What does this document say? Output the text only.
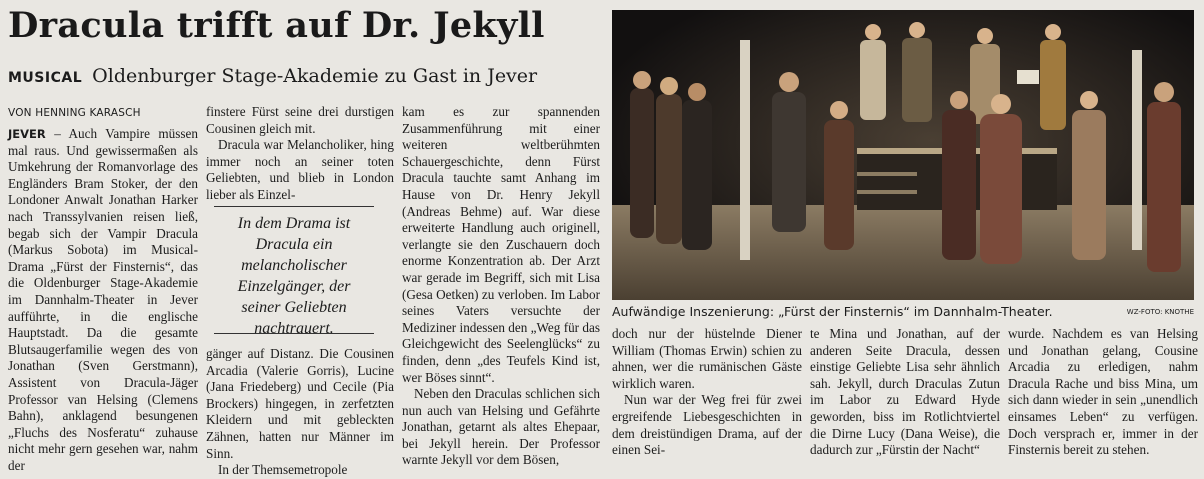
Dracula trifft auf Dr. Jekyll
MUSICAL Oldenburger Stage-Akademie zu Gast in Jever
VON HENNING KARASCH

JEVER – Auch Vampire müssen mal raus. Und gewissermaßen als Umkehrung der Romanvorlage des Engländers Bram Stoker, der den Londoner Anwalt Jonathan Harker nach Transsylvanien reisen ließ, begab sich der Vampir Dracula (Markus Sobota) im Musical-Drama „Fürst der Finsternis“, das die Oldenburger Stage-Akademie im Dannhalm-Theater in Jever aufführte, in die englische Hauptstadt. Da die gesamte Blutsaugerfamilie wegen des von Jonathan (Sven Gerstmann), Assistent von Dracula-Jäger Professor van Helsing (Clemens Bahn), anklagend besungenen „Fluchs des Nosferatu“ zuhause nicht mehr gern gesehen war, nahm der

finstere Fürst seine drei durstigen Cousinen gleich mit.

Dracula war Melancholiker, hing immer noch an seiner toten Geliebten, und blieb in London lieber als Einzel-

In dem Drama ist Dracula ein melancholischer Einzelgänger, der seiner Geliebten nachtrauert.

gänger auf Distanz. Die Cousinen Arcadia (Valerie Gorris), Lucine (Jana Friedeberg) und Cecile (Pia Brockers) hingegen, in zerfetzten Kleidern und mit gebleckten Zähnen, hatten nur Männer im Sinn.

In der Themsemetropole

kam es zur spannenden Zusammenführung mit einer weiteren weltberühmten Schauergeschichte, denn Fürst Dracula tauchte samt Anhang im Hause von Dr. Henry Jekyll (Andreas Behme) auf. War diese erweiterte Handlung auch originell, verlangte sie den Zuschauern doch enorme Konzentration ab. Der Arzt war gerade im Begriff, sich mit Lisa (Gesa Oetken) zu verloben. Im Labor seines Vaters versuchte der Mediziner indessen den „Weg für das Gleichgewicht des Seelenglücks“ zu finden, denn „des Teufels Kind ist, wer Böses sinnt“.

Neben den Draculas schlichen sich nun auch van Helsing und Gefährte Jonathan, getarnt als altes Ehepaar, bei Jekyll herein. Der Professor warnte Jekyll vor dem Bösen,

Aufwändige Inszenierung: „Fürst der Finsternis“ im Dannhalm-Theater.	WZ-FOTO: KNOTHE

doch nur der hüstelnde Diener William (Thomas Erwin) schien zu ahnen, wer die rumänischen Gäste wirklich waren.

Nun war der Weg frei für zwei ergreifende Liebesgeschichten in dem dreistündigen Drama, auf der einen Sei-

te Mina und Jonathan, auf der anderen Seite Dracula, dessen einstige Geliebte Lisa sehr ähnlich sah. Jekyll, durch Draculas Zutun im Labor zu Edward Hyde geworden, biss im Rotlichtviertel die Dirne Lucy (Dana Weise), die dadurch zur „Fürstin der Nacht“

wurde. Nachdem es van Helsing und Jonathan gelang, Cousine Arcadia zu erledigen, nahm Dracula Rache und biss Mina, um sich dann wieder in sein „unendlich einsames Leben“ zu verfügen. Doch versprach er, immer in der Finsternis bereit zu stehen.
